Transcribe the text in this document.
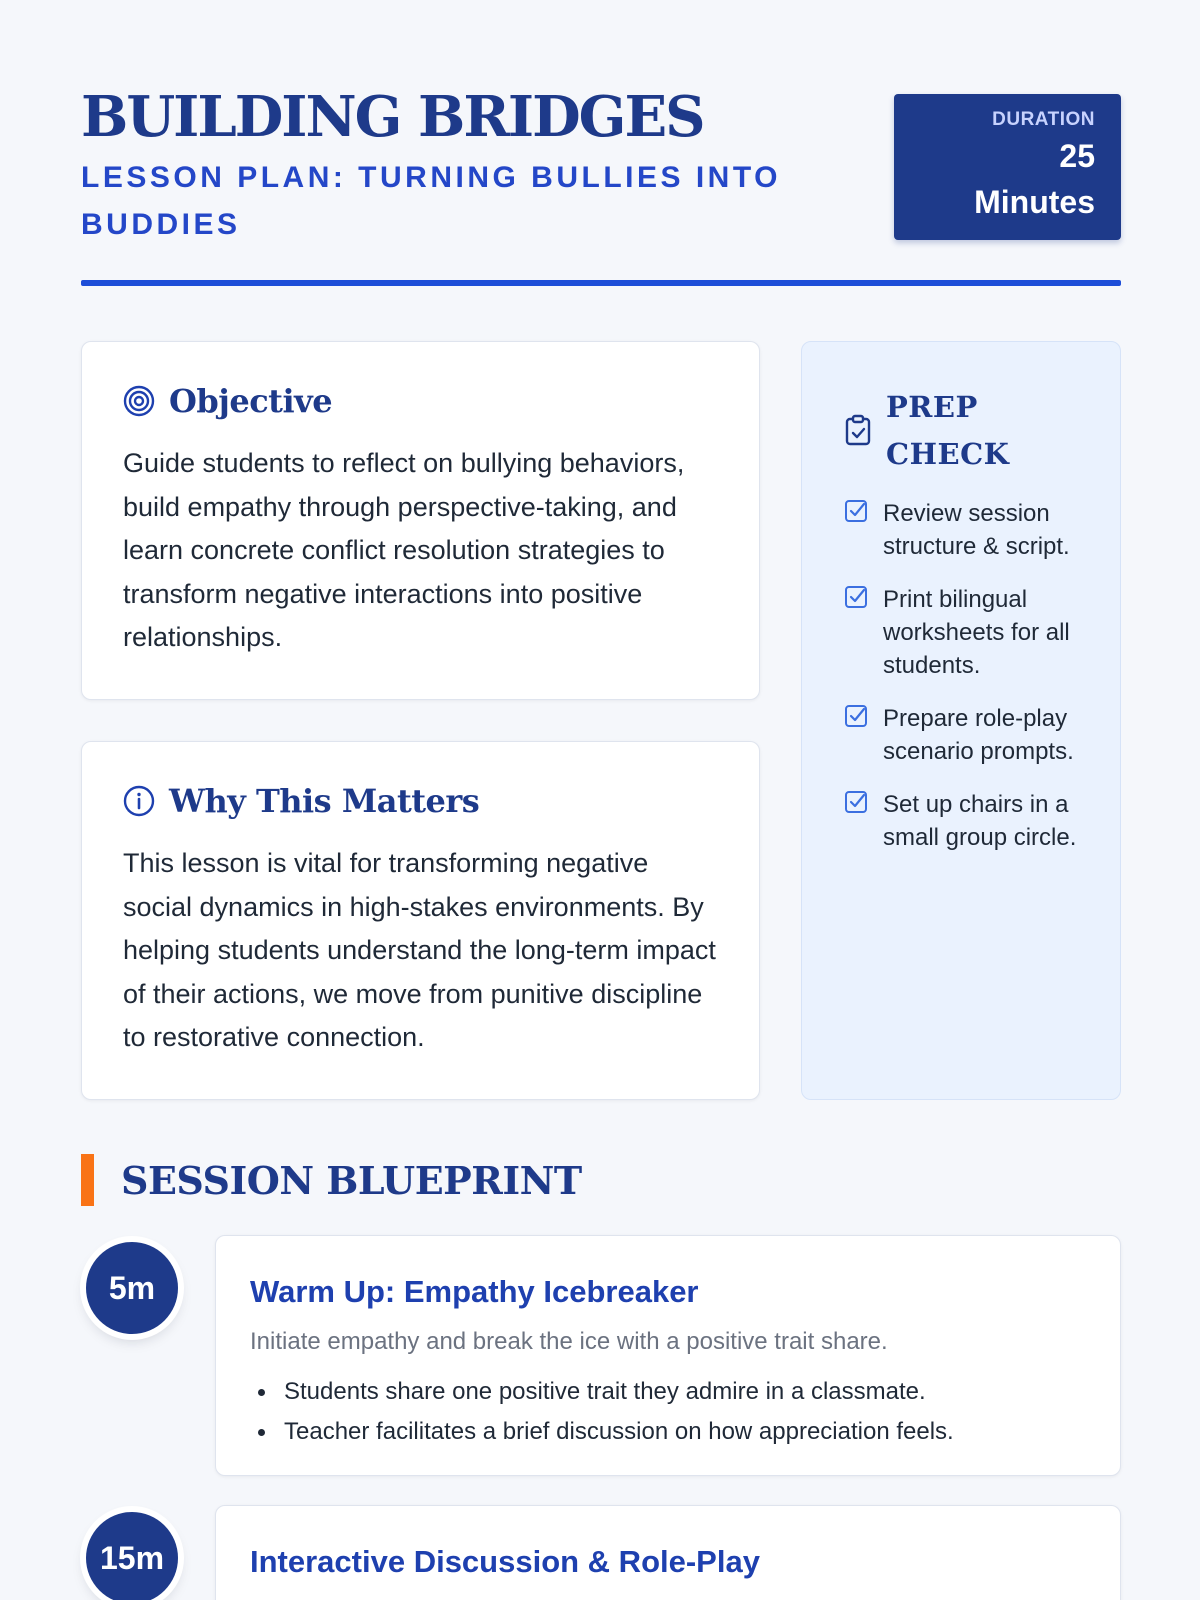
BUILDING BRIDGES
LESSON PLAN: TURNING BULLIES INTO BUDDIES
DURATION
25
Minutes
Objective
Guide students to reflect on bullying behaviors, build empathy through perspective-taking, and learn concrete conflict resolution strategies to transform negative interactions into positive relationships.
Why This Matters
This lesson is vital for transforming negative social dynamics in high-stakes environments. By helping students understand the long-term impact of their actions, we move from punitive discipline to restorative connection.
PREP CHECK
Review session structure & script.
Print bilingual worksheets for all students.
Prepare role-play scenario prompts.
Set up chairs in a small group circle.
SESSION BLUEPRINT
5m	Warm Up: Empathy Icebreaker
Initiate empathy and break the ice with a positive trait share.
Students share one positive trait they admire in a classmate.
Teacher facilitates a brief discussion on how appreciation feels.
15m	Interactive Discussion & Role-Play
